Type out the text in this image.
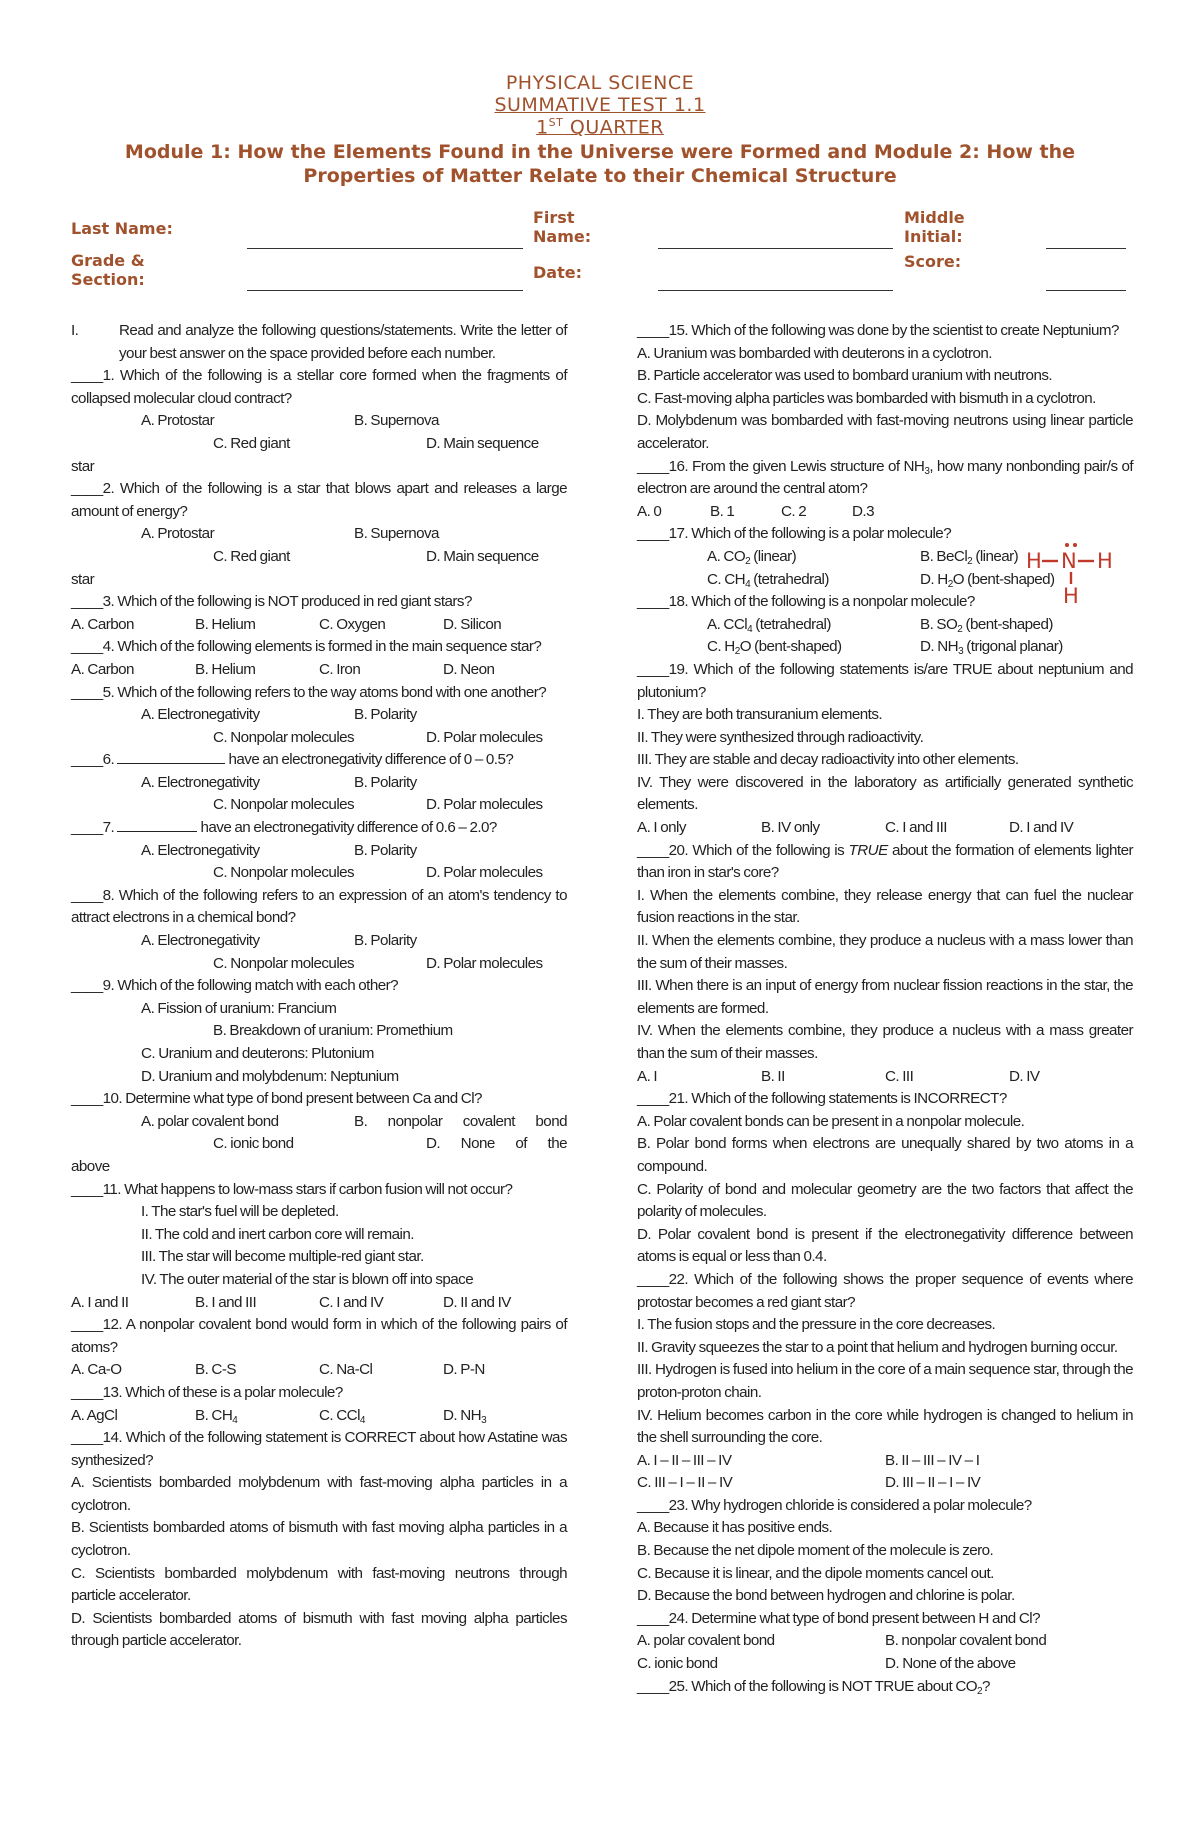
PHYSICAL SCIENCE
SUMMATIVE TEST 1.1
1ST QUARTER
Module 1: How the Elements Found in the Universe were Formed and Module 2: How the Properties of Matter Relate to their Chemical Structure
Last Name:
First Name:
Middle Initial:
Grade & Section:	Date:
Score:
I.	Read and analyze the following questions/statements. Write the letter of your best answer on the space provided before each number.
____1. Which of the following is a stellar core formed when the fragments of collapsed molecular cloud contract?
A. Protostar	B. Supernova
C. Red giant	D. Main sequence
star
____2. Which of the following is a star that blows apart and releases a large amount of energy?
A. Protostar	B. Supernova
C. Red giant	D. Main sequence
star
____3. Which of the following is NOT produced in red giant stars?
A. Carbon	B. Helium	C. Oxygen	D. Silicon
____4. Which of the following elements is formed in the main sequence star?
A. Carbon	B. Helium	C. Iron	D. Neon
____5. Which of the following refers to the way atoms bond with one another?
A. Electronegativity	B. Polarity
C. Nonpolar molecules	D. Polar molecules
____6.	have an electronegativity difference of 0 – 0.5?
A. Electronegativity	B. Polarity
C. Nonpolar molecules	D. Polar molecules
____7.	have an electronegativity difference of 0.6 – 2.0?
A. Electronegativity	B. Polarity
C. Nonpolar molecules	D. Polar molecules
____8. Which of the following refers to an expression of an atom's tendency to attract electrons in a chemical bond?
A. Electronegativity	B. Polarity
C. Nonpolar molecules	D. Polar molecules
____9. Which of the following match with each other?
A. Fission of uranium: Francium
B. Breakdown of uranium: Promethium
C. Uranium and deuterons: Plutonium
D. Uranium and molybdenum: Neptunium
____10. Determine what type of bond present between Ca and Cl?
A. polar covalent bond	B. nonpolar covalent bond
C. ionic bond	D. None of the
above
____11. What happens to low-mass stars if carbon fusion will not occur?
I. The star's fuel will be depleted.
II. The cold and inert carbon core will remain.
III. The star will become multiple-red giant star.
IV. The outer material of the star is blown off into space
A. I and II	B. I and III	C. I and IV	D. II and IV
____12. A nonpolar covalent bond would form in which of the following pairs of atoms?
A. Ca-O	B. C-S	C. Na-Cl	D. P-N
____13. Which of these is a polar molecule?
A. AgCl	B. $CH_4$	C. CCl$_4$	D. $NH_3$
____14. Which of the following statement is CORRECT about how Astatine was synthesized?
A. Scientists bombarded molybdenum with fast-moving alpha particles in a cyclotron.
B. Scientists bombarded atoms of bismuth with fast moving alpha particles in a cyclotron.
C. Scientists bombarded molybdenum with fast-moving neutrons through particle accelerator.
D. Scientists bombarded atoms of bismuth with fast moving alpha particles through particle accelerator.
____15. Which of the following was done by the scientist to create Neptunium?
A. Uranium was bombarded with deuterons in a cyclotron.
B. Particle accelerator was used to bombard uranium with neutrons.
C. Fast-moving alpha particles was bombarded with bismuth in a cyclotron.
D. Molybdenum was bombarded with fast-moving neutrons using linear particle accelerator.
____16. From the given Lewis structure of $NH_3$, how many nonbonding pair/s of electron are around the central atom?
A. 0	B. 1	C. 2	D.3
____17. Which of the following is a polar molecule?
A. $CO_2$ (linear)	B. BeCl$_2$ (linear)
C. $CH_4$ (tetrahedral)	D. $H_2O$ (bent-shaped)
____18. Which of the following is a nonpolar molecule?
A. CCl$_4$ (tetrahedral)	B. $SO_2$ (bent-shaped)
C. $H_2O$ (bent-shaped)	D. $NH_3$ (trigonal planar)
____19. Which of the following statements is/are TRUE about neptunium and plutonium?
I. They are both transuranium elements.
II. They were synthesized through radioactivity.
III. They are stable and decay radioactivity into other elements.
IV. They were discovered in the laboratory as artificially generated synthetic elements.
A. I only	B. IV only	C. I and III	D. I and IV
____20. Which of the following is TRUE about the formation of elements lighter than iron in star's core?
I. When the elements combine, they release energy that can fuel the nuclear fusion reactions in the star.
II. When the elements combine, they produce a nucleus with a mass lower than the sum of their masses.
III. When there is an input of energy from nuclear fission reactions in the star, the elements are formed.
IV. When the elements combine, they produce a nucleus with a mass greater than the sum of their masses.
A. I	B. II	C. III	D. IV
____21. Which of the following statements is INCORRECT?
A. Polar covalent bonds can be present in a nonpolar molecule.
B. Polar bond forms when electrons are unequally shared by two atoms in a compound.
C. Polarity of bond and molecular geometry are the two factors that affect the polarity of molecules.
D. Polar covalent bond is present if the electronegativity difference between atoms is equal or less than 0.4.
____22. Which of the following shows the proper sequence of events where protostar becomes a red giant star?
I. The fusion stops and the pressure in the core decreases.
II. Gravity squeezes the star to a point that helium and hydrogen burning occur.
III. Hydrogen is fused into helium in the core of a main sequence star, through the proton-proton chain.
IV. Helium becomes carbon in the core while hydrogen is changed to helium in the shell surrounding the core.
A. I – II – III – IV	B. II – III – IV – I
C. III – I – II – IV	D. III – II – I – IV
____23. Why hydrogen chloride is considered a polar molecule?
A. Because it has positive ends.
B. Because the net dipole moment of the molecule is zero.
C. Because it is linear, and the dipole moments cancel out.
D. Because the bond between hydrogen and chlorine is polar.
____24. Determine what type of bond present between H and Cl?
A. polar covalent bond	B. nonpolar covalent bond
C. ionic bond	D. None of the above
____25. Which of the following is NOT TRUE about $CO_2$?
H N H
H
